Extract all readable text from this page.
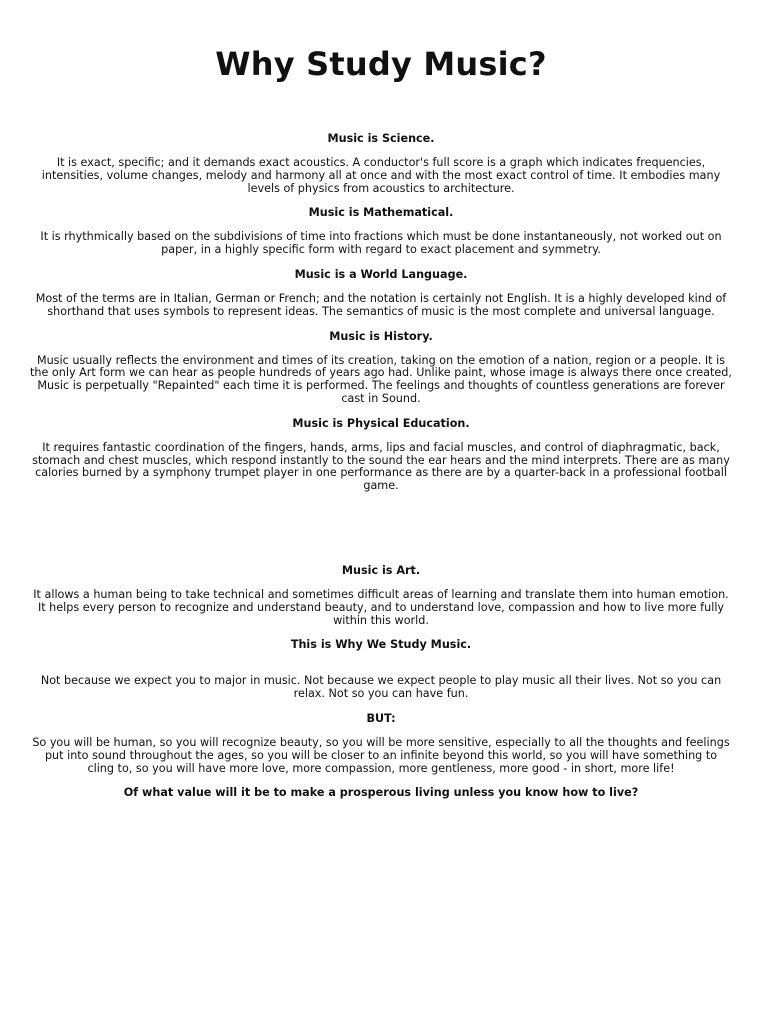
Why Study Music?
Music is Science.
It is exact, specific; and it demands exact acoustics. A conductor's full score is a graph which indicates frequencies, intensities, volume changes, melody and harmony all at once and with the most exact control of time. It embodies many levels of physics from acoustics to architecture.
Music is Mathematical.
It is rhythmically based on the subdivisions of time into fractions which must be done instantaneously, not worked out on paper, in a highly specific form with regard to exact placement and symmetry.
Music is a World Language.
Most of the terms are in Italian, German or French; and the notation is certainly not English. It is a highly developed kind of shorthand that uses symbols to represent ideas. The semantics of music is the most complete and universal language.
Music is History.
Music usually reflects the environment and times of its creation, taking on the emotion of a nation, region or a people. It is the only Art form we can hear as people hundreds of years ago had. Unlike paint, whose image is always there once created, Music is perpetually "Repainted" each time it is performed. The feelings and thoughts of countless generations are forever cast in Sound.
Music is Physical Education.
It requires fantastic coordination of the fingers, hands, arms, lips and facial muscles, and control of diaphragmatic, back, stomach and chest muscles, which respond instantly to the sound the ear hears and the mind interprets. There are as many calories burned by a symphony trumpet player in one performance as there are by a quarter-back in a professional football game.
Music is Art.
It allows a human being to take technical and sometimes difficult areas of learning and translate them into human emotion. It helps every person to recognize and understand beauty, and to understand love, compassion and how to live more fully within this world.
This is Why We Study Music.
Not because we expect you to major in music. Not because we expect people to play music all their lives. Not so you can relax. Not so you can have fun.
BUT:
So you will be human, so you will recognize beauty, so you will be more sensitive, especially to all the thoughts and feelings put into sound throughout the ages, so you will be closer to an infinite beyond this world, so you will have something to cling to, so you will have more love, more compassion, more gentleness, more good - in short, more life!
Of what value will it be to make a prosperous living unless you know how to live?
